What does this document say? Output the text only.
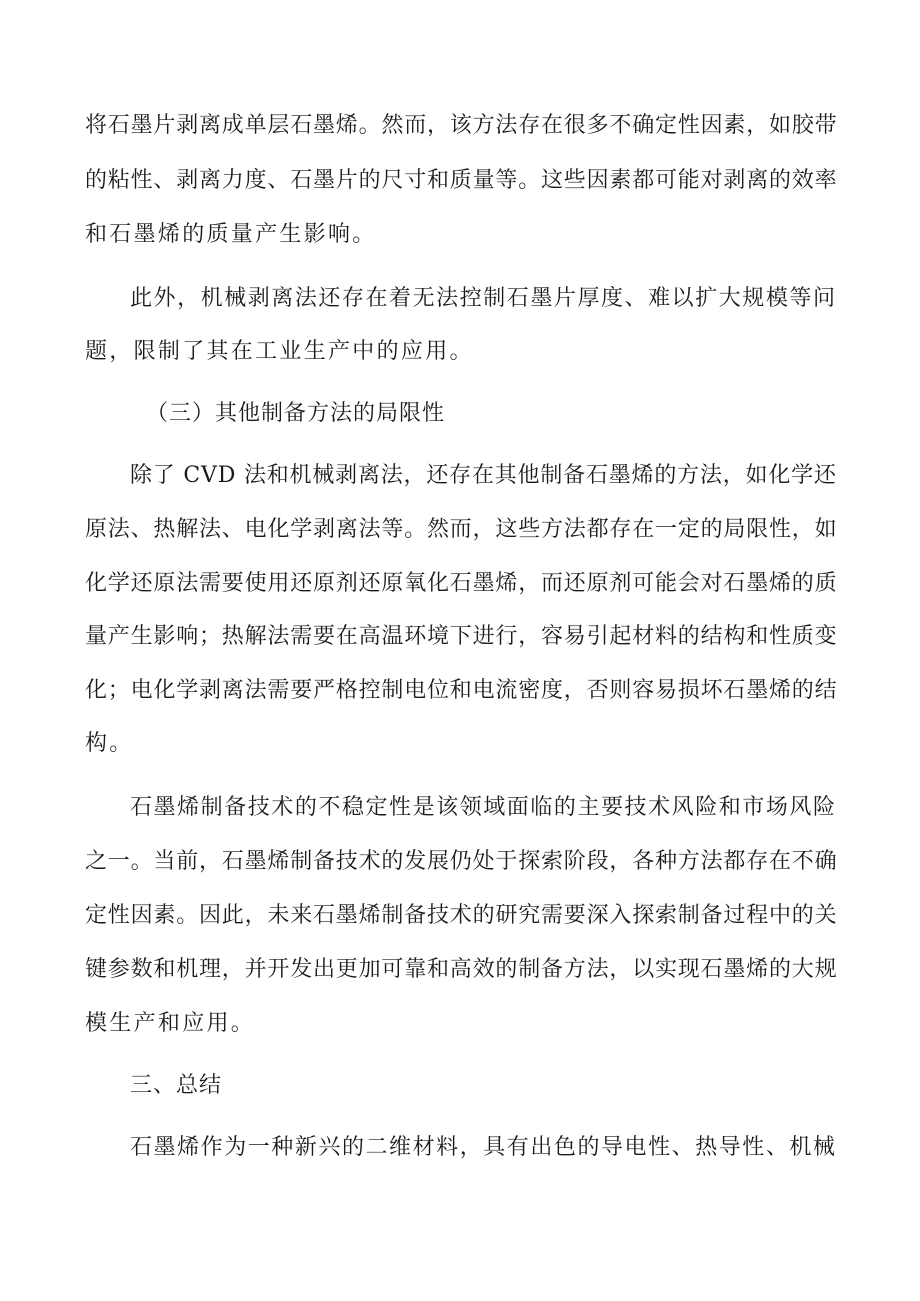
将石墨片剥离成单层石墨烯。然而，该方法存在很多不确定性因素，如胶带
的粘性、剥离力度、石墨片的尺寸和质量等。这些因素都可能对剥离的效率
和石墨烯的质量产生影响。
此外，机械剥离法还存在着无法控制石墨片厚度、难以扩大规模等问
题，限制了其在工业生产中的应用。
（三）其他制备方法的局限性
除了 CVD 法和机械剥离法，还存在其他制备石墨烯的方法，如化学还
原法、热解法、电化学剥离法等。然而，这些方法都存在一定的局限性，如
化学还原法需要使用还原剂还原氧化石墨烯，而还原剂可能会对石墨烯的质
量产生影响；热解法需要在高温环境下进行，容易引起材料的结构和性质变
化；电化学剥离法需要严格控制电位和电流密度，否则容易损坏石墨烯的结
构。
石墨烯制备技术的不稳定性是该领域面临的主要技术风险和市场风险
之一。当前，石墨烯制备技术的发展仍处于探索阶段，各种方法都存在不确
定性因素。因此，未来石墨烯制备技术的研究需要深入探索制备过程中的关
键参数和机理，并开发出更加可靠和高效的制备方法，以实现石墨烯的大规
模生产和应用。
三、总结
石墨烯作为一种新兴的二维材料，具有出色的导电性、热导性、机械
